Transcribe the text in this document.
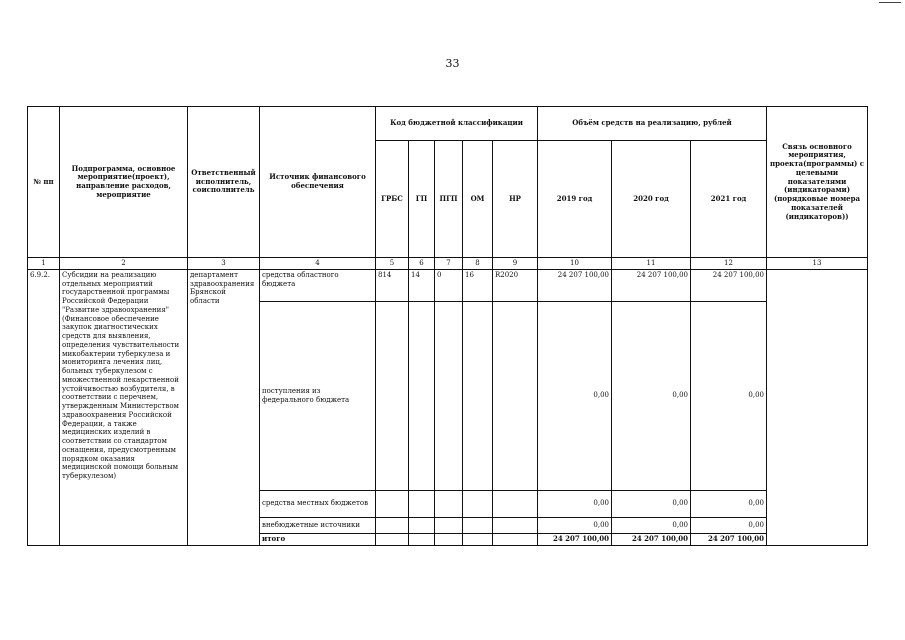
33
№ пп	Подпрограмма, основное мероприятие(проект), направление расходов, мероприятие	Ответственный исполнитель, соисполнитель	Источник финансового обеспечения	Код бюджетной классификации					Объём средств на реализацию, рублей			Связь основного мероприятия, проекта(программы) с целевыми показателями (индикаторами) (порядковые номера показателей (индикаторов))
				ГРБС	ГП	ПГП	ОМ	НР	2019 год	2020 год	2021 год	
1	2	3	4	5	6	7	8	9	10	11	12	13
6.9.2.	Субсидии на реализацию отдельных мероприятий государственной программы Российской Федерации "Развитие здравоохранения" (Финансовое обеспечение закупок диагностических средств для выявления, определения чувствительности микобактерии туберкулеза и мониторинга лечения лиц, больных туберкулезом с множественной лекарственной устойчивостью возбудителя, в соответствии с перечнем, утвержденным Министерством здравоохранения Российской Федерации, а также медицинских изделий в соответствии со стандартом оснащения, предусмотренным порядком оказания медицинской помощи больным туберкулезом)	департамент здравоохранения Брянской области	средства областного бюджета	814	14	0	16	R2020	24 207 100,00	24 207 100,00	24 207 100,00	
			поступления из федерального бюджета						0,00	0,00	0,00	
			средства местных бюджетов						0,00	0,00	0,00	
			внебюджетные источники						0,00	0,00	0,00	
			итого						24 207 100,00	24 207 100,00	24 207 100,00	
